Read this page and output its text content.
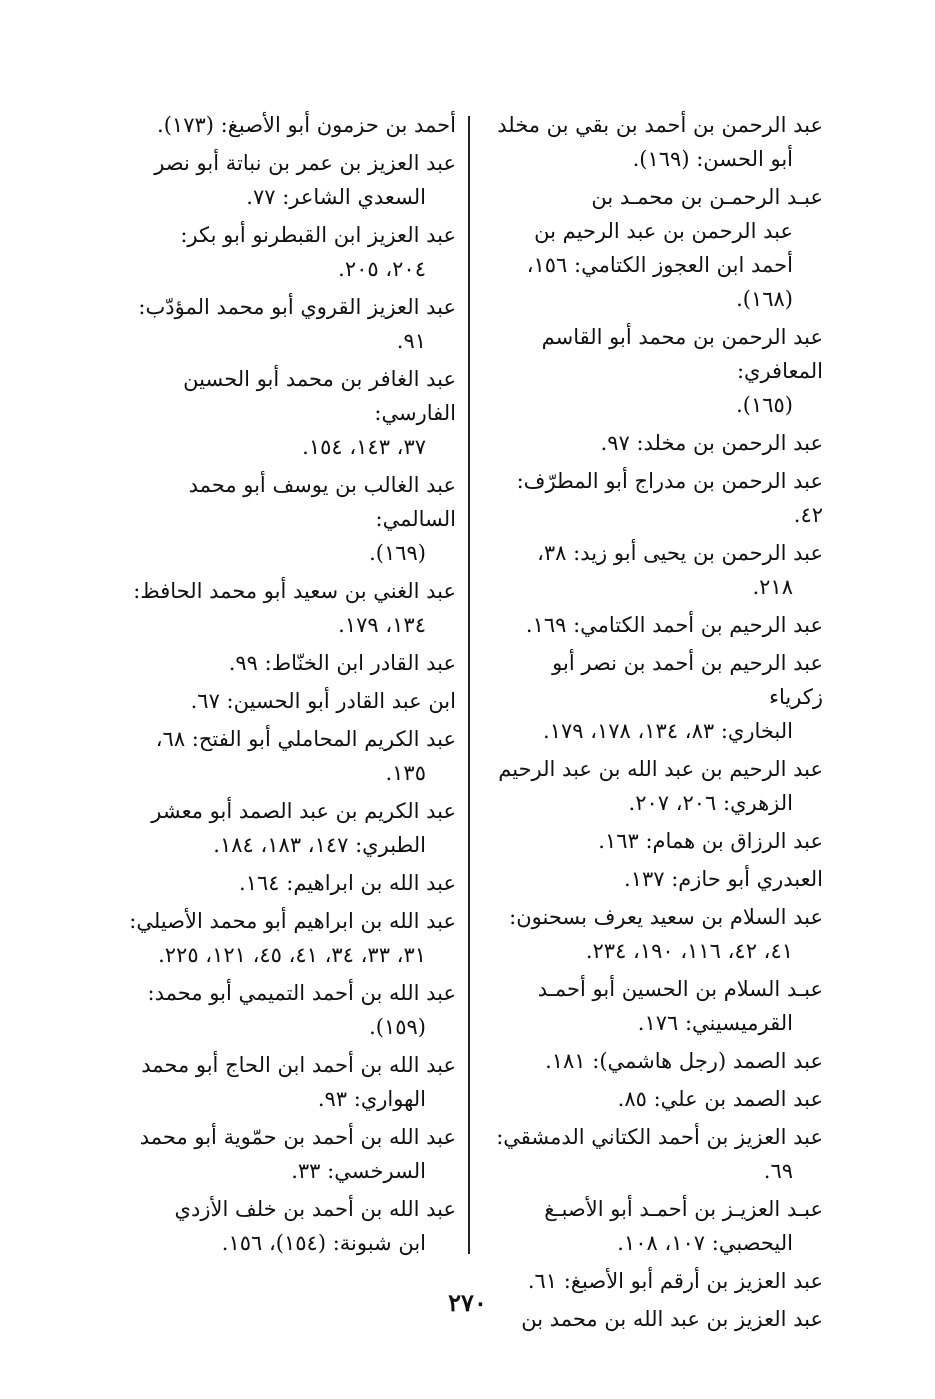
عبد الرحمن بن أحمد بن بقي بن مخلد
أبو الحسن: (١٦٩).
عبـد الرحمـن بن محمـد بن
عبد الرحمن بن عبد الرحيم بن أحمد ابن العجوز الكتامي: ١٥٦، (١٦٨).
عبد الرحمن بن محمد أبو القاسم المعافري:
(١٦٥).
عبد الرحمن بن مخلد: ٩٧.
عبد الرحمن بن مدراج أبو المطرّف: ٤٢.
عبد الرحمن بن يحيى أبو زيد: ٣٨،
٢١٨.
عبد الرحيم بن أحمد الكتامي: ١٦٩.
عبد الرحيم بن أحمد بن نصر أبو زكرياء
البخاري: ٨٣، ١٣٤، ١٧٨، ١٧٩.
عبد الرحيم بن عبد الله بن عبد الرحيم
الزهري: ٢٠٦، ٢٠٧.
عبد الرزاق بن همام: ١٦٣.
العبدري أبو حازم: ١٣٧.
عبد السلام بن سعيد يعرف بسحنون:
٤١، ٤٢، ١١٦، ١٩٠، ٢٣٤.
عبـد السلام بن الحسين أبو أحمـد
القرميسيني: ١٧٦.
عبد الصمد (رجل هاشمي): ١٨١.
عبد الصمد بن علي: ٨٥.
عبد العزيز بن أحمد الكتاني الدمشقي:
٦٩.
عبـد العزيـز بن أحمـد أبو الأصبـغ
اليحصبي: ١٠٧، ١٠٨.
عبد العزيز بن أرقم أبو الأصبغ: ٦١.
عبد العزيز بن عبد الله بن محمد بن
أحمد بن حزمون أبو الأصبغ: (١٧٣).
عبد العزيز بن عمر بن نباتة أبو نصر
السعدي الشاعر: ٧٧.
عبد العزيز ابن القبطرنو أبو بكر:
٢٠٤، ٢٠٥.
عبد العزيز القروي أبو محمد المؤدّب:
٩١.
عبد الغافر بن محمد أبو الحسين الفارسي:
٣٧، ١٤٣، ١٥٤.
عبد الغالب بن يوسف أبو محمد السالمي:
(١٦٩).
عبد الغني بن سعيد أبو محمد الحافظ:
١٣٤، ١٧٩.
عبد القادر ابن الخنّاط: ٩٩.
ابن عبد القادر أبو الحسين: ٦٧.
عبد الكريم المحاملي أبو الفتح: ٦٨،
١٣٥.
عبد الكريم بن عبد الصمد أبو معشر
الطبري: ١٤٧، ١٨٣، ١٨٤.
عبد الله بن ابراهيم: ١٦٤.
عبد الله بن ابراهيم أبو محمد الأصيلي:
٣١، ٣٣، ٣٤، ٤١، ٤٥، ١٢١، ٢٢٥.
عبد الله بن أحمد التميمي أبو محمد:
(١٥٩).
عبد الله بن أحمد ابن الحاج أبو محمد
الهواري: ٩٣.
عبد الله بن أحمد بن حمّوية أبو محمد
السرخسي: ٣٣.
عبد الله بن أحمد بن خلف الأزدي
ابن شبونة: (١٥٤)، ١٥٦.
٢٧٠
